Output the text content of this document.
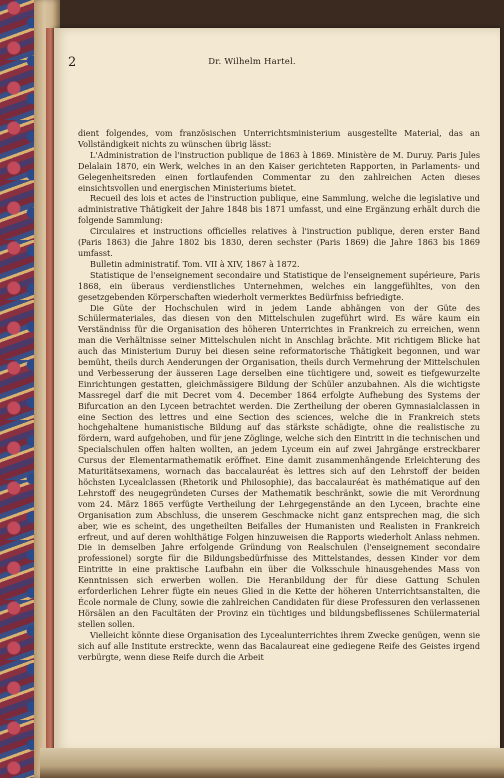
2	Dr. Wilhelm Hartel.

dient folgendes, vom französischen Unterrichtsministerium ausgestellte Material, das an Vollständigkeit nichts zu wünschen übrig lässt:

L'Administration de l'instruction publique de 1863 à 1869. Ministère de M. Duruy. Paris Jules Delalain 1870, ein Werk, welches in an den Kaiser gerichteten Rapporten, in Parlaments- und Gelegenheitsreden einen fortlaufenden Commentar zu den zahlreichen Acten dieses einsichtsvollen und energischen Ministeriums bietet.

Recueil des lois et actes de l'instruction publique, eine Sammlung, welche die legislative und administrative Thätigkeit der Jahre 1848 bis 1871 umfasst, und eine Ergänzung erhält durch die folgende Sammlung:

Circulaires et instructions officielles relatives à l'instruction publique, deren erster Band (Paris 1863) die Jahre 1802 bis 1830, deren sechster (Paris 1869) die Jahre 1863 bis 1869 umfasst.

Bulletin administratif. Tom. VII à XIV, 1867 à 1872.

Statistique de l'enseignement secondaire und Statistique de l'enseignement supérieure, Paris 1868, ein überaus verdienstliches Unternehmen, welches ein langgefühltes, von den gesetzgebenden Körperschaften wiederholt vermerktes Bedürfniss befriedigte.

Die Güte der Hochschulen wird in jedem Lande abhängen von der Güte des Schülermateriales, das diesen von den Mittelschulen zugeführt wird. Es wäre kaum ein Verständniss für die Organisation des höheren Unterrichtes in Frankreich zu erreichen, wenn man die Verhältnisse seiner Mittelschulen nicht in Anschlag brächte. Mit richtigem Blicke hat auch das Ministerium Duruy bei diesen seine reformatorische Thätigkeit begonnen, und war bemüht, theils durch Aenderungen der Organisation, theils durch Vermehrung der Mittelschulen und Verbesserung der äusseren Lage derselben eine tüchtigere und, soweit es tiefgewurzelte Einrichtungen gestatten, gleichmässigere Bildung der Schüler anzubahnen. Als die wichtigste Massregel darf die mit Decret vom 4. December 1864 erfolgte Aufhebung des Systems der Bifurcation an den Lyceen betrachtet werden. Die Zertheilung der oberen Gymnasialclassen in eine Section des lettres und eine Section des sciences, welche die in Frankreich stets hochgehaltene humanistische Bildung auf das stärkste schädigte, ohne die realistische zu fördern, ward aufgehoben, und für jene Zöglinge, welche sich den Eintritt in die technischen und Specialschulen offen halten wollten, an jedem Lyceum ein auf zwei Jahrgänge erstreckbarer Cursus der Elementarmathematik eröffnet. Eine damit zusammenhängende Erleichterung des Maturitätsexamens, wornach das baccalauréat ès lettres sich auf den Lehrstoff der beiden höchsten Lycealclassen (Rhetorik und Philosophie), das baccalauréat ès mathématique auf den Lehrstoff des neugegründeten Curses der Mathematik beschränkt, sowie die mit Verordnung vom 24. März 1865 verfügte Vertheilung der Lehrgegenstände an den Lyceen, brachte eine Organisation zum Abschluss, die unserem Geschmacke nicht ganz entsprechen mag, die sich aber, wie es scheint, des ungetheilten Beifalles der Humanisten und Realisten in Frankreich erfreut, und auf deren wohlthätige Folgen hinzuweisen die Rapports wiederholt Anlass nehmen. Die in demselben Jahre erfolgende Gründung von Realschulen (l'enseignement secondaire professionel) sorgte für die Bildungsbedürfnisse des Mittelstandes, dessen Kinder vor dem Eintritte in eine praktische Laufbahn ein über die Volksschule hinausgehendes Mass von Kenntnissen sich erwerben wollen. Die Heranbildung der für diese Gattung Schulen erforderlichen Lehrer fügte ein neues Glied in die Kette der höheren Unterrichtsanstalten, die École normale de Cluny, sowie die zahlreichen Candidaten für diese Professuren den verlassenen Hörsälen an den Facultäten der Provinz ein tüchtiges und bildungsbeflissenes Schülermaterial stellen sollen.

Vielleicht könnte diese Organisation des Lycealunterrichtes ihrem Zwecke genügen, wenn sie sich auf alle Institute erstreckte, wenn das Bacalaureat eine gediegene Reife des Geistes irgend verbürgte, wenn diese Reife durch die Arbeit
